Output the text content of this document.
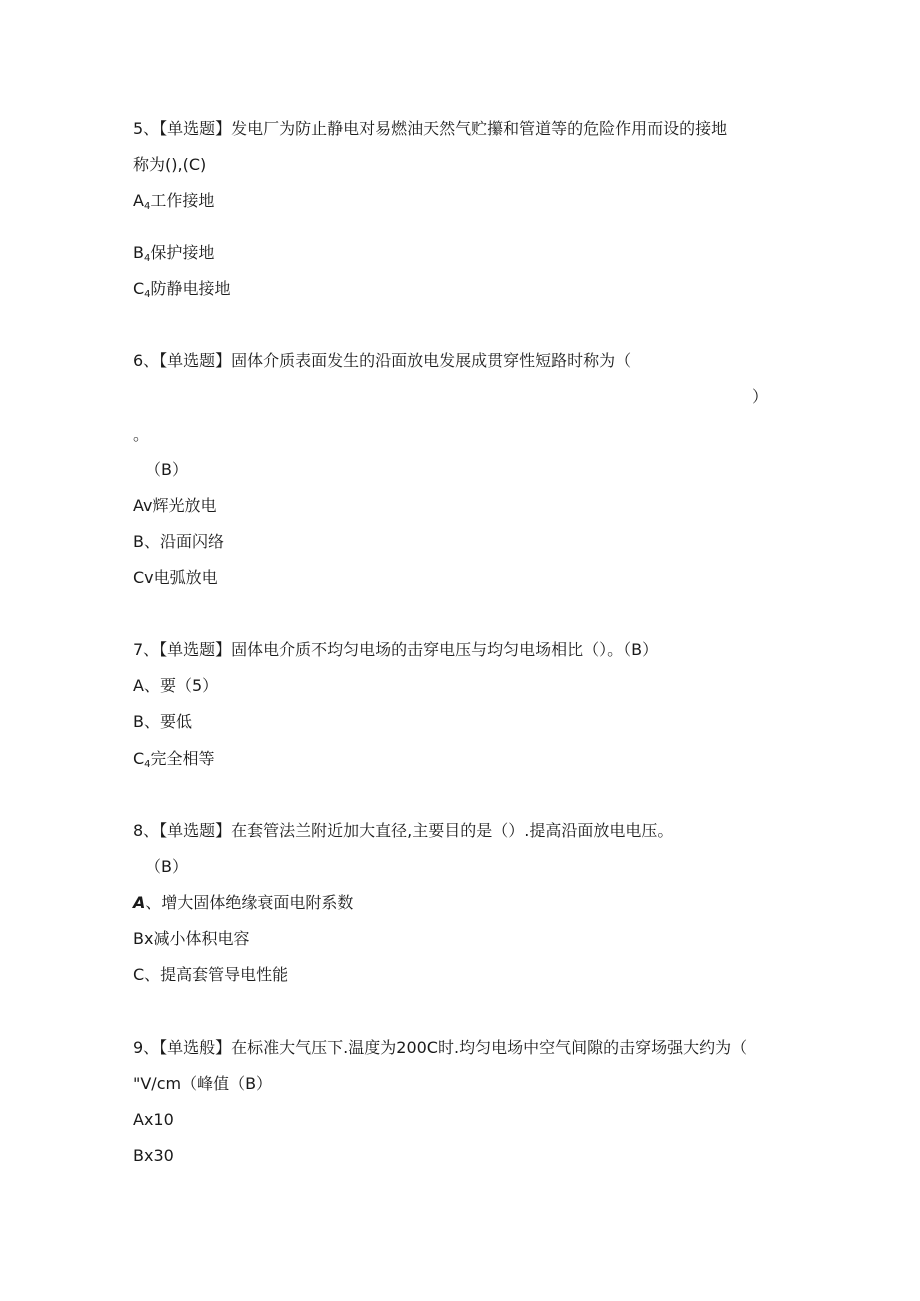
5、【单选题】发电厂为防止静电对易燃油天然气贮攥和管道等的危险作用而设的接地
称为(),(C)
A4工作接地
B4保护接地
C4防静电接地
6、【单选题】固体介质表面发生的沿面放电发展成贯穿性短路时称为（
）
。
（B）
Av辉光放电
B、沿面闪络
Cv电弧放电
7、【单选题】固体电介质不均匀电场的击穿电压与均匀电场相比（）。（B）
A、要（5）
B、要低
C4完全相等
8、【单选题】在套管法兰附近加大直径,主要目的是（）.提高沿面放电电压。
（B）
A、增大固体绝缘衰面电附系数
Bx减小体积电容
C、提高套管导电性能
9、【单选般】在标准大气压下.温度为200C时.均匀电场中空气间隙的击穿场强大约为（
"V∕cm（峰值（B）
Ax10
Bx30
